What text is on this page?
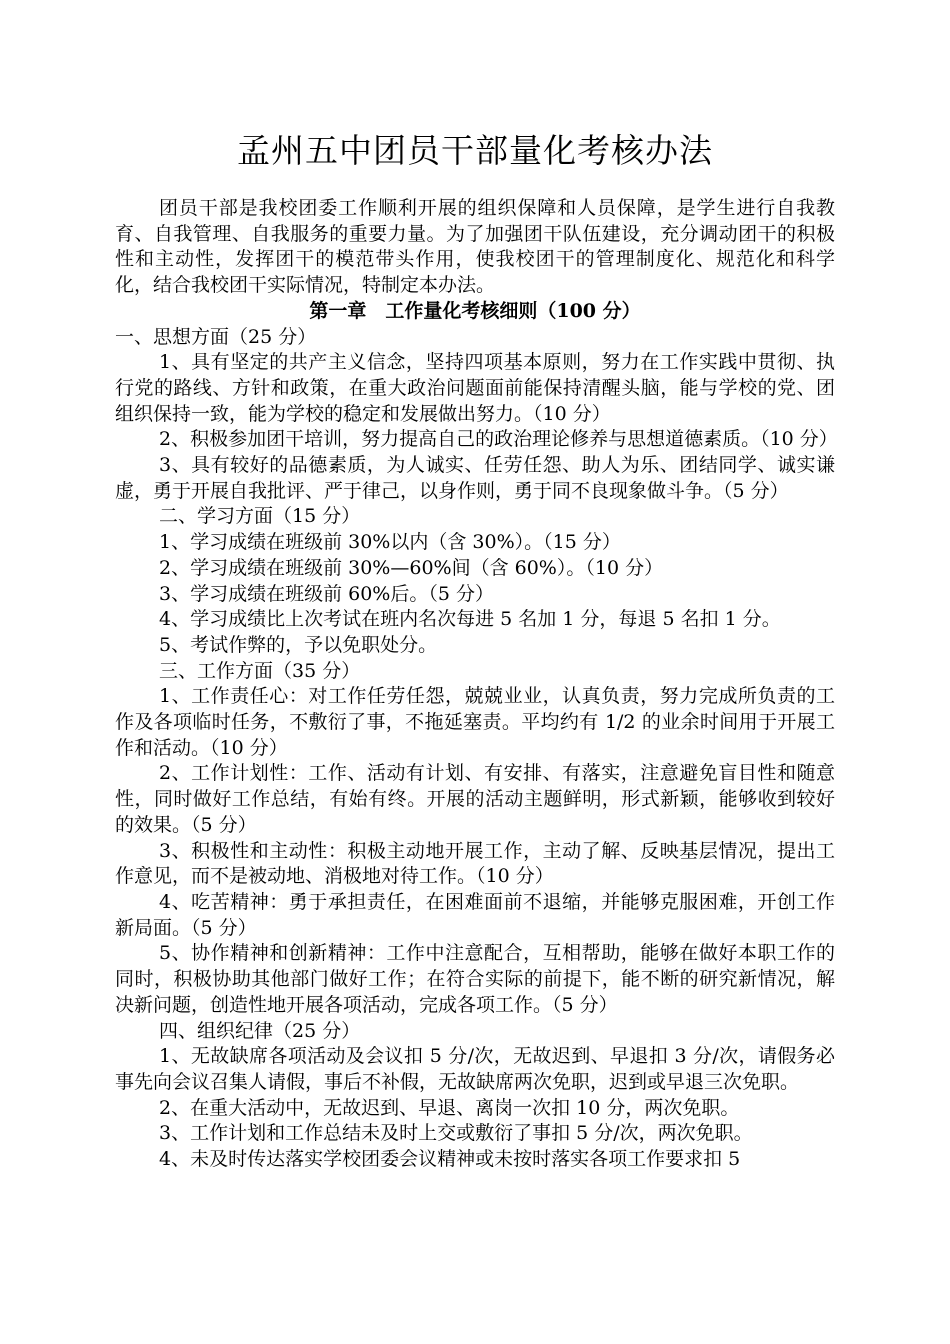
孟州五中团员干部量化考核办法

团员干部是我校团委工作顺利开展的组织保障和人员保障，是学生进行自我教育、自我管理、自我服务的重要力量。为了加强团干队伍建设，充分调动团干的积极性和主动性，发挥团干的模范带头作用，使我校团干的管理制度化、规范化和科学化，结合我校团干实际情况，特制定本办法。

第一章　工作量化考核细则（100 分）

一、思想方面（25 分）

1、具有坚定的共产主义信念，坚持四项基本原则，努力在工作实践中贯彻、执行党的路线、方针和政策，在重大政治问题面前能保持清醒头脑，能与学校的党、团组织保持一致，能为学校的稳定和发展做出努力。（10 分）

2、积极参加团干培训，努力提高自己的政治理论修养与思想道德素质。（10 分）

3、具有较好的品德素质，为人诚实、任劳任怨、助人为乐、团结同学、诚实谦虚，勇于开展自我批评、严于律己，以身作则，勇于同不良现象做斗争。（5 分）

二、学习方面（15 分）

1、学习成绩在班级前 30%以内（含 30%）。（15 分）

2、学习成绩在班级前 30%—60%间（含 60%）。（10 分）

3、学习成绩在班级前 60%后。（5 分）

4、学习成绩比上次考试在班内名次每进 5 名加 1 分，每退 5 名扣 1 分。

5、考试作弊的，予以免职处分。

三、工作方面（35 分）

1、工作责任心：对工作任劳任怨，兢兢业业，认真负责，努力完成所负责的工作及各项临时任务，不敷衍了事，不拖延塞责。平均约有 1/2 的业余时间用于开展工作和活动。（10 分）

2、工作计划性：工作、活动有计划、有安排、有落实，注意避免盲目性和随意性，同时做好工作总结，有始有终。开展的活动主题鲜明，形式新颖，能够收到较好的效果。（5 分）

3、积极性和主动性：积极主动地开展工作，主动了解、反映基层情况，提出工作意见，而不是被动地、消极地对待工作。（10 分）

4、吃苦精神：勇于承担责任，在困难面前不退缩，并能够克服困难，开创工作新局面。（5 分）

5、协作精神和创新精神：工作中注意配合，互相帮助，能够在做好本职工作的同时，积极协助其他部门做好工作；在符合实际的前提下，能不断的研究新情况，解决新问题，创造性地开展各项活动，完成各项工作。（5 分）

四、组织纪律（25 分）

1、无故缺席各项活动及会议扣 5 分/次，无故迟到、早退扣 3 分/次，请假务必事先向会议召集人请假，事后不补假，无故缺席两次免职，迟到或早退三次免职。

2、在重大活动中，无故迟到、早退、离岗一次扣 10 分，两次免职。

3、工作计划和工作总结未及时上交或敷衍了事扣 5 分/次，两次免职。

4、未及时传达落实学校团委会议精神或未按时落实各项工作要求扣 5
